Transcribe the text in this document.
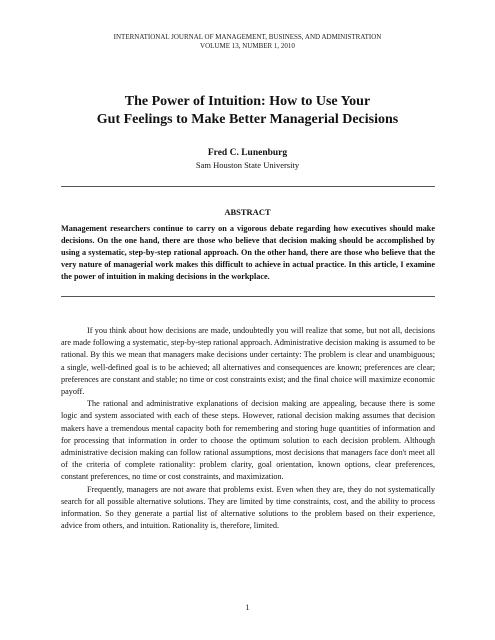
INTERNATIONAL JOURNAL OF MANAGEMENT, BUSINESS, AND ADMINISTRATION
VOLUME 13, NUMBER 1, 2010
The Power of Intuition: How to Use Your
Gut Feelings to Make Better Managerial Decisions
Fred C. Lunenburg
Sam Houston State University
ABSTRACT
Management researchers continue to carry on a vigorous debate regarding how executives should make decisions. On the one hand, there are those who believe that decision making should be accomplished by using a systematic, step-by-step rational approach. On the other hand, there are those who believe that the very nature of managerial work makes this difficult to achieve in actual practice. In this article, I examine the power of intuition in making decisions in the workplace.

If you think about how decisions are made, undoubtedly you will realize that some, but not all, decisions are made following a systematic, step-by-step rational approach. Administrative decision making is assumed to be rational. By this we mean that managers make decisions under certainty: The problem is clear and unambiguous; a single, well-defined goal is to be achieved; all alternatives and consequences are known; preferences are clear; preferences are constant and stable; no time or cost constraints exist; and the final choice will maximize economic payoff.

The rational and administrative explanations of decision making are appealing, because there is some logic and system associated with each of these steps. However, rational decision making assumes that decision makers have a tremendous mental capacity both for remembering and storing huge quantities of information and for processing that information in order to choose the optimum solution to each decision problem. Although administrative decision making can follow rational assumptions, most decisions that managers face don't meet all of the criteria of complete rationality: problem clarity, goal orientation, known options, clear preferences, constant preferences, no time or cost constraints, and maximization.

Frequently, managers are not aware that problems exist. Even when they are, they do not systematically search for all possible alternative solutions. They are limited by time constraints, cost, and the ability to process information. So they generate a partial list of alternative solutions to the problem based on their experience, advice from others, and intuition. Rationality is, therefore, limited.

1
